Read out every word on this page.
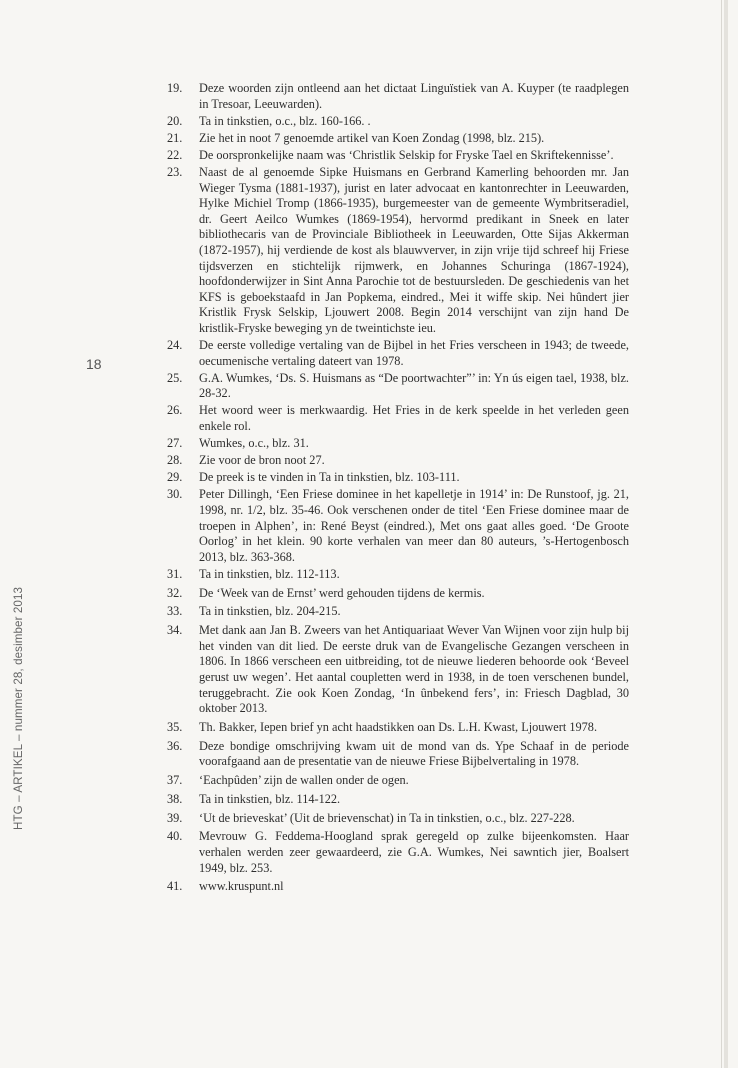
18
HTG – ARTIKEL – nummer 28, desimber 2013
19. Deze woorden zijn ontleend aan het dictaat Linguïstiek van A. Kuyper (te raadplegen in Tresoar, Leeuwarden).
20. Ta in tinkstien, o.c., blz. 160-166. .
21. Zie het in noot 7 genoemde artikel van Koen Zondag (1998, blz. 215).
22. De oorspronkelijke naam was ‘Christlik Selskip for Fryske Tael en Skriftekennisse’.
23. Naast de al genoemde Sipke Huismans en Gerbrand Kamerling behoorden mr. Jan Wieger Tysma (1881-1937), jurist en later advocaat en kantonrechter in Leeuwarden, Hylke Michiel Tromp (1866-1935), burgemeester van de gemeente Wymbritseradiel, dr. Geert Aeilco Wumkes (1869-1954), hervormd predikant in Sneek en later bibliothecaris van de Provinciale Bibliotheek in Leeuwarden, Otte Sijas Akkerman (1872-1957), hij verdiende de kost als blauwverver, in zijn vrije tijd schreef hij Friese tijdsverzen en stichtelijk rijmwerk, en Johannes Schuringa (1867-1924), hoofdonderwijzer in Sint Anna Parochie tot de bestuursleden. De geschiedenis van het KFS is geboekstaafd in Jan Popkema, eindred., Mei it wiffe skip. Nei hûndert jier Kristlik Frysk Selskip, Ljouwert 2008. Begin 2014 verschijnt van zijn hand De kristlik-Fryske beweging yn de tweintichste ieu.
24. De eerste volledige vertaling van de Bijbel in het Fries verscheen in 1943; de tweede, oecumenische vertaling dateert van 1978.
25. G.A. Wumkes, ‘Ds. S. Huismans as “De poortwachter”’ in: Yn ús eigen tael, 1938, blz. 28-32.
26. Het woord weer is merkwaardig. Het Fries in de kerk speelde in het verleden geen enkele rol.
27. Wumkes, o.c., blz. 31.
28. Zie voor de bron noot 27.
29. De preek is te vinden in Ta in tinkstien, blz. 103-111.
30. Peter Dillingh, ‘Een Friese dominee in het kapelletje in 1914’ in: De Runstoof, jg. 21, 1998, nr. 1/2, blz. 35-46. Ook verschenen onder de titel ‘Een Friese dominee maar de troepen in Alphen’, in: René Beyst (eindred.), Met ons gaat alles goed. ‘De Groote Oorlog’ in het klein. 90 korte verhalen van meer dan 80 auteurs, ’s-Hertogenbosch 2013, blz. 363-368.
31. Ta in tinkstien, blz. 112-113.
32. De ‘Week van de Ernst’ werd gehouden tijdens de kermis.
33. Ta in tinkstien, blz. 204-215.
34. Met dank aan Jan B. Zweers van het Antiquariaat Wever Van Wijnen voor zijn hulp bij het vinden van dit lied. De eerste druk van de Evangelische Gezangen verscheen in 1806. In 1866 verscheen een uitbreiding, tot de nieuwe liederen behoorde ook ‘Beveel gerust uw wegen’. Het aantal coupletten werd in 1938, in de toen verschenen bundel, teruggebracht. Zie ook Koen Zondag, ‘In ûnbekend fers’, in: Friesch Dagblad, 30 oktober 2013.
35. Th. Bakker, Iepen brief yn acht haadstikken oan Ds. L.H. Kwast, Ljouwert 1978.
36. Deze bondige omschrijving kwam uit de mond van ds. Ype Schaaf in de periode voorafgaand aan de presentatie van de nieuwe Friese Bijbelvertaling in 1978.
37. ‘Eachpûden’ zijn de wallen onder de ogen.
38. Ta in tinkstien, blz. 114-122.
39. ‘Ut de brieveskat’ (Uit de brievenschat) in Ta in tinkstien, o.c., blz. 227-228.
40. Mevrouw G. Feddema-Hoogland sprak geregeld op zulke bijeenkomsten. Haar verhalen werden zeer gewaardeerd, zie G.A. Wumkes, Nei sawntich jier, Boalsert 1949, blz. 253.
41. www.kruspunt.nl
